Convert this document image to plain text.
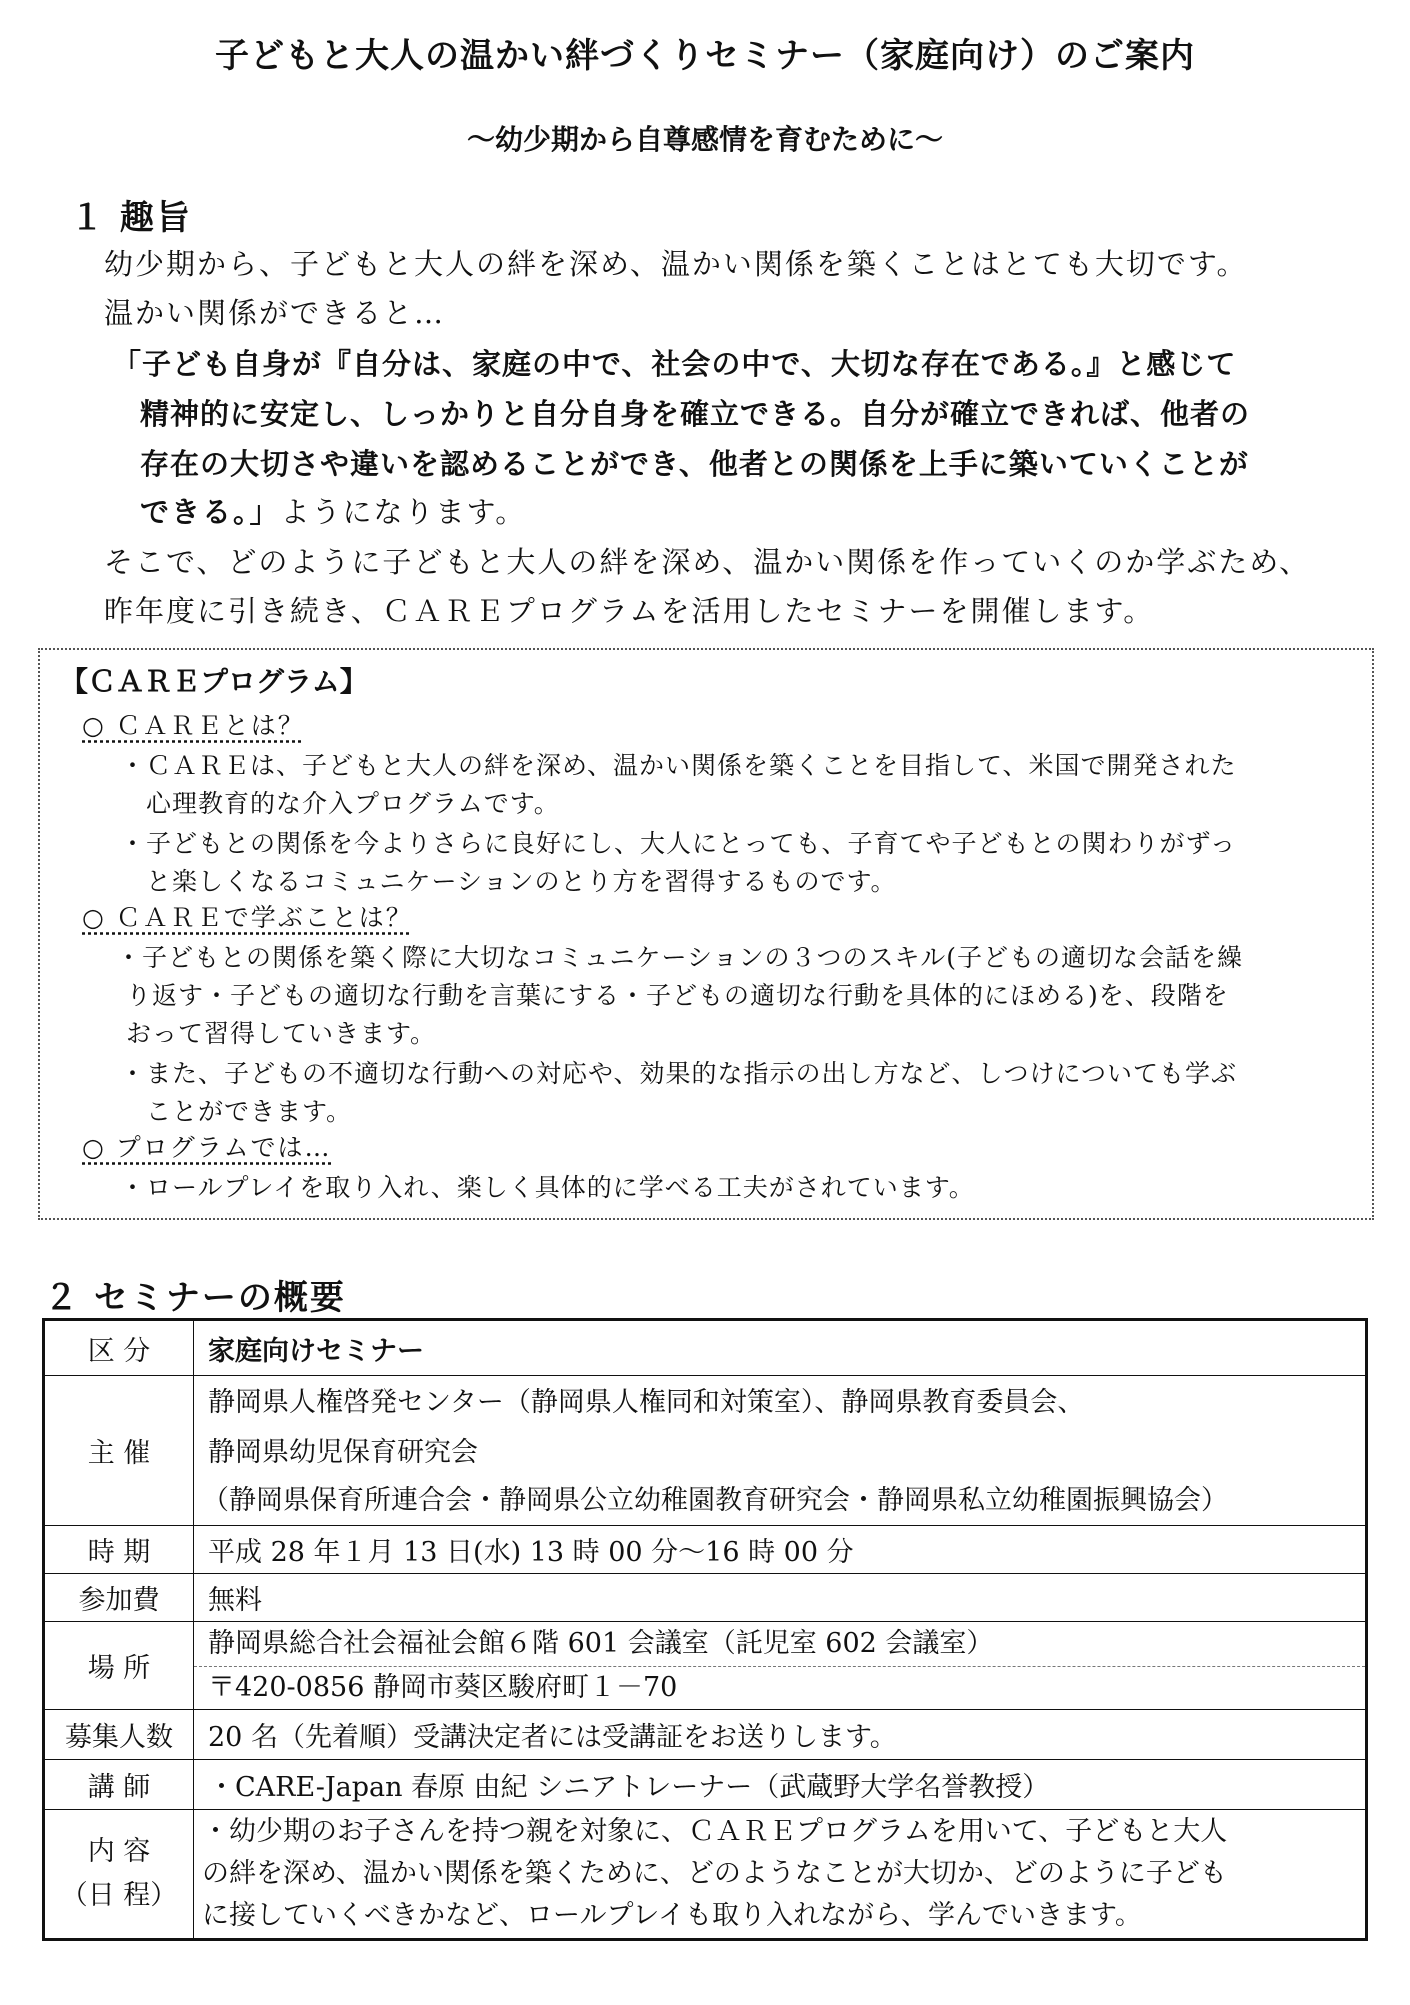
子どもと大人の温かい絆づくりセミナー（家庭向け）のご案内
～幼少期から自尊感情を育むために～
１ 趣旨
幼少期から、子どもと大人の絆を深め、温かい関係を築くことはとても大切です。
温かい関係ができると…
「子ども自身が『自分は、家庭の中で、社会の中で、大切な存在である。』と感じて
精神的に安定し、しっかりと自分自身を確立できる。自分が確立できれば、他者の
存在の大切さや違いを認めることができ、他者との関係を上手に築いていくことが
できる。」ようになります。
そこで、どのように子どもと大人の絆を深め、温かい関係を作っていくのか学ぶため、
昨年度に引き続き、ＣＡＲＥプログラムを活用したセミナーを開催します。
【ＣＡＲＥプログラム】
○ ＣＡＲＥとは？
・ＣＡＲＥは、子どもと大人の絆を深め、温かい関係を築くことを目指して、米国で開発された
心理教育的な介入プログラムです。
・子どもとの関係を今よりさらに良好にし、大人にとっても、子育てや子どもとの関わりがずっ
と楽しくなるコミュニケーションのとり方を習得するものです。
○ ＣＡＲＥで学ぶことは？
・子どもとの関係を築く際に大切なコミュニケーションの３つのスキル(子どもの適切な会話を繰
り返す・子どもの適切な行動を言葉にする・子どもの適切な行動を具体的にほめる)を、段階を
おって習得していきます。
・また、子どもの不適切な行動への対応や、効果的な指示の出し方など、しつけについても学ぶ
ことができます。
○ プログラムでは…
・ロールプレイを取り入れ、楽しく具体的に学べる工夫がされています。
２ セミナーの概要
区 分	家庭向けセミナー
主 催	静岡県人権啓発センター（静岡県人権同和対策室）、静岡県教育委員会、
静岡県幼児保育研究会
（静岡県保育所連合会・静岡県公立幼稚園教育研究会・静岡県私立幼稚園振興協会）

時 期	平成 28 年１月 13 日(水) 13 時 00 分～16 時 00 分
参加費	無料
場 所	静岡県総合社会福祉会館６階 601 会議室（託児室 602 会議室）
〒420-0856 静岡市葵区駿府町１－70

募集人数	20 名（先着順）受講決定者には受講証をお送りします。
講 師	・CARE-Japan 春原 由紀 シニアトレーナー（武蔵野大学名誉教授）

内 容
（日 程）	・幼少期のお子さんを持つ親を対象に、ＣＡＲＥプログラムを用いて、子どもと大人
の絆を深め、温かい関係を築くために、どのようなことが大切か、どのように子ども
に接していくべきかなど、ロールプレイも取り入れながら、学んでいきます。
